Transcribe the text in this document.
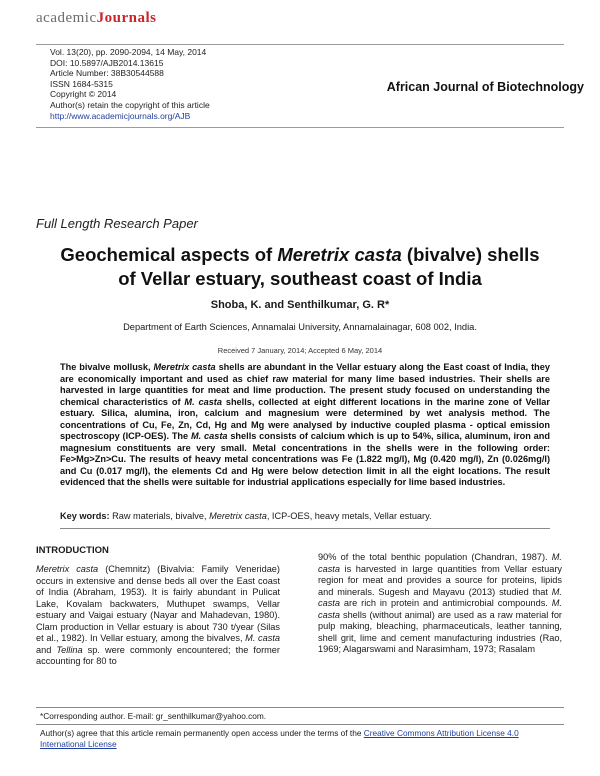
academicJournals
Vol. 13(20), pp. 2090-2094, 14 May, 2014
DOI: 10.5897/AJB2014.13615
Article Number: 38B30544588
ISSN 1684-5315
Copyright © 2014
Author(s) retain the copyright of this article
http://www.academicjournals.org/AJB
African Journal of Biotechnology
Full Length Research Paper
Geochemical aspects of Meretrix casta (bivalve) shells
of Vellar estuary, southeast coast of India
Shoba, K. and Senthilkumar, G. R*
Department of Earth Sciences, Annamalai University, Annamalainagar, 608 002, India.
Received 7 January, 2014; Accepted 6 May, 2014
The bivalve mollusk, Meretrix casta shells are abundant in the Vellar estuary along the East coast of India, they are economically important and used as chief raw material for many lime based industries. Their shells are harvested in large quantities for meat and lime production. The present study focused on understanding the chemical characteristics of M. casta shells, collected at eight different locations in the marine zone of Vellar estuary. Silica, alumina, iron, calcium and magnesium were determined by wet analysis method. The concentrations of Cu, Fe, Zn, Cd, Hg and Mg were analysed by inductive coupled plasma - optical emission spectroscopy (ICP-OES). The M. casta shells consists of calcium which is up to 54%, silica, aluminum, iron and magnesium constituents are very small. Metal concentrations in the shells were in the following order: Fe>Mg>Zn>Cu. The results of heavy metal concentrations was Fe (1.822 mg/l), Mg (0.420 mg/l), Zn (0.026mg/l) and Cu (0.017 mg/l), the elements Cd and Hg were below detection limit in all the eight locations. The result evidenced that the shells were suitable for industrial applications especially for lime based industries.
Key words: Raw materials, bivalve, Meretrix casta, ICP-OES, heavy metals, Vellar estuary.
INTRODUCTION
Meretrix casta (Chemnitz) (Bivalvia: Family Veneridae) occurs in extensive and dense beds all over the East coast of India (Abraham, 1953). It is fairly abundant in Pulicat Lake, Kovalam backwaters, Muthupet swamps, Vellar estuary and Vaigai estuary (Nayar and Mahadevan, 1980). Clam production in Vellar estuary is about 730 t/year (Silas et al., 1982). In Vellar estuary, among the bivalves, M. casta and Tellina sp. were commonly encountered; the former accounting for 80 to
90% of the total benthic population (Chandran, 1987). M. casta is harvested in large quantities from Vellar estuary region for meat and provides a source for proteins, lipids and minerals. Sugesh and Mayavu (2013) studied that M. casta are rich in protein and antimicrobial compounds. M. casta shells (without animal) are used as a raw material for pulp making, bleaching, pharmaceuticals, leather tanning, shell grit, lime and cement manufacturing industries (Rao, 1969; Alagarswami and Narasimham, 1973; Rasalam
*Corresponding author. E-mail: gr_senthilkumar@yahoo.com.
Author(s) agree that this article remain permanently open access under the terms of the Creative Commons Attribution License 4.0 International License
